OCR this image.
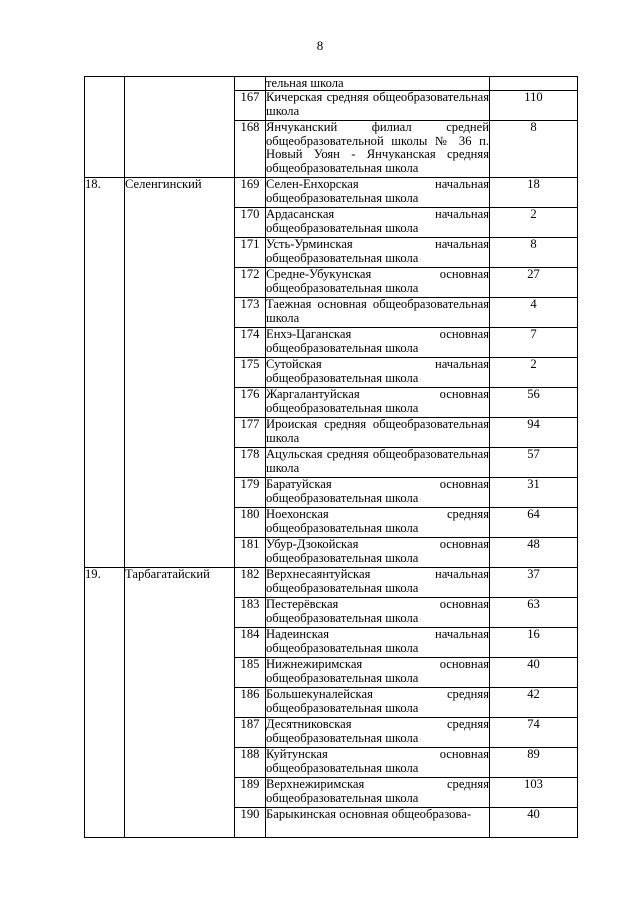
8
			тельная школа	
		167	Кичерская средняя общеобразовательная школа	110
		168	Янчуканский филиал средней общеобразовательной школы № 36 п. Новый Уоян - Янчуканская средняя общеобразовательная школа	8
18.	Селенгинский	169	Селен-Енхорская начальная общеобразовательная школа	18
		170	Ардасанская начальная общеобразовательная школа	2
		171	Усть-Урминская начальная общеобразовательная школа	8
		172	Средне-Убукунская основная общеобразовательная школа	27
		173	Таежная основная общеобразовательная школа	4
		174	Енхэ-Цаганская основная общеобразовательная школа	7
		175	Сутойская начальная общеобразовательная школа	2
		176	Жаргалантуйская основная общеобразовательная школа	56
		177	Ироиская средняя общеобразовательная школа	94
		178	Ацульская средняя общеобразовательная школа	57
		179	Баратуйская основная общеобразовательная школа	31
		180	Ноехонская средняя общеобразовательная школа	64
		181	Убур-Дзокойская основная общеобразовательная школа	48
19.	Тарбагатайский	182	Верхнесаянтуйская начальная общеобразовательная школа	37
		183	Пестерёвская основная общеобразовательная школа	63
		184	Надеинская начальная общеобразовательная школа	16
		185	Нижнежиримская основная общеобразовательная школа	40
		186	Большекуналейская средняя общеобразовательная школа	42
		187	Десятниковская средняя общеобразовательная школа	74
		188	Куйтунская основная общеобразовательная школа	89
		189	Верхнежиримская средняя общеобразовательная школа	103
		190	Барыкинская основная общеобразова-	40
